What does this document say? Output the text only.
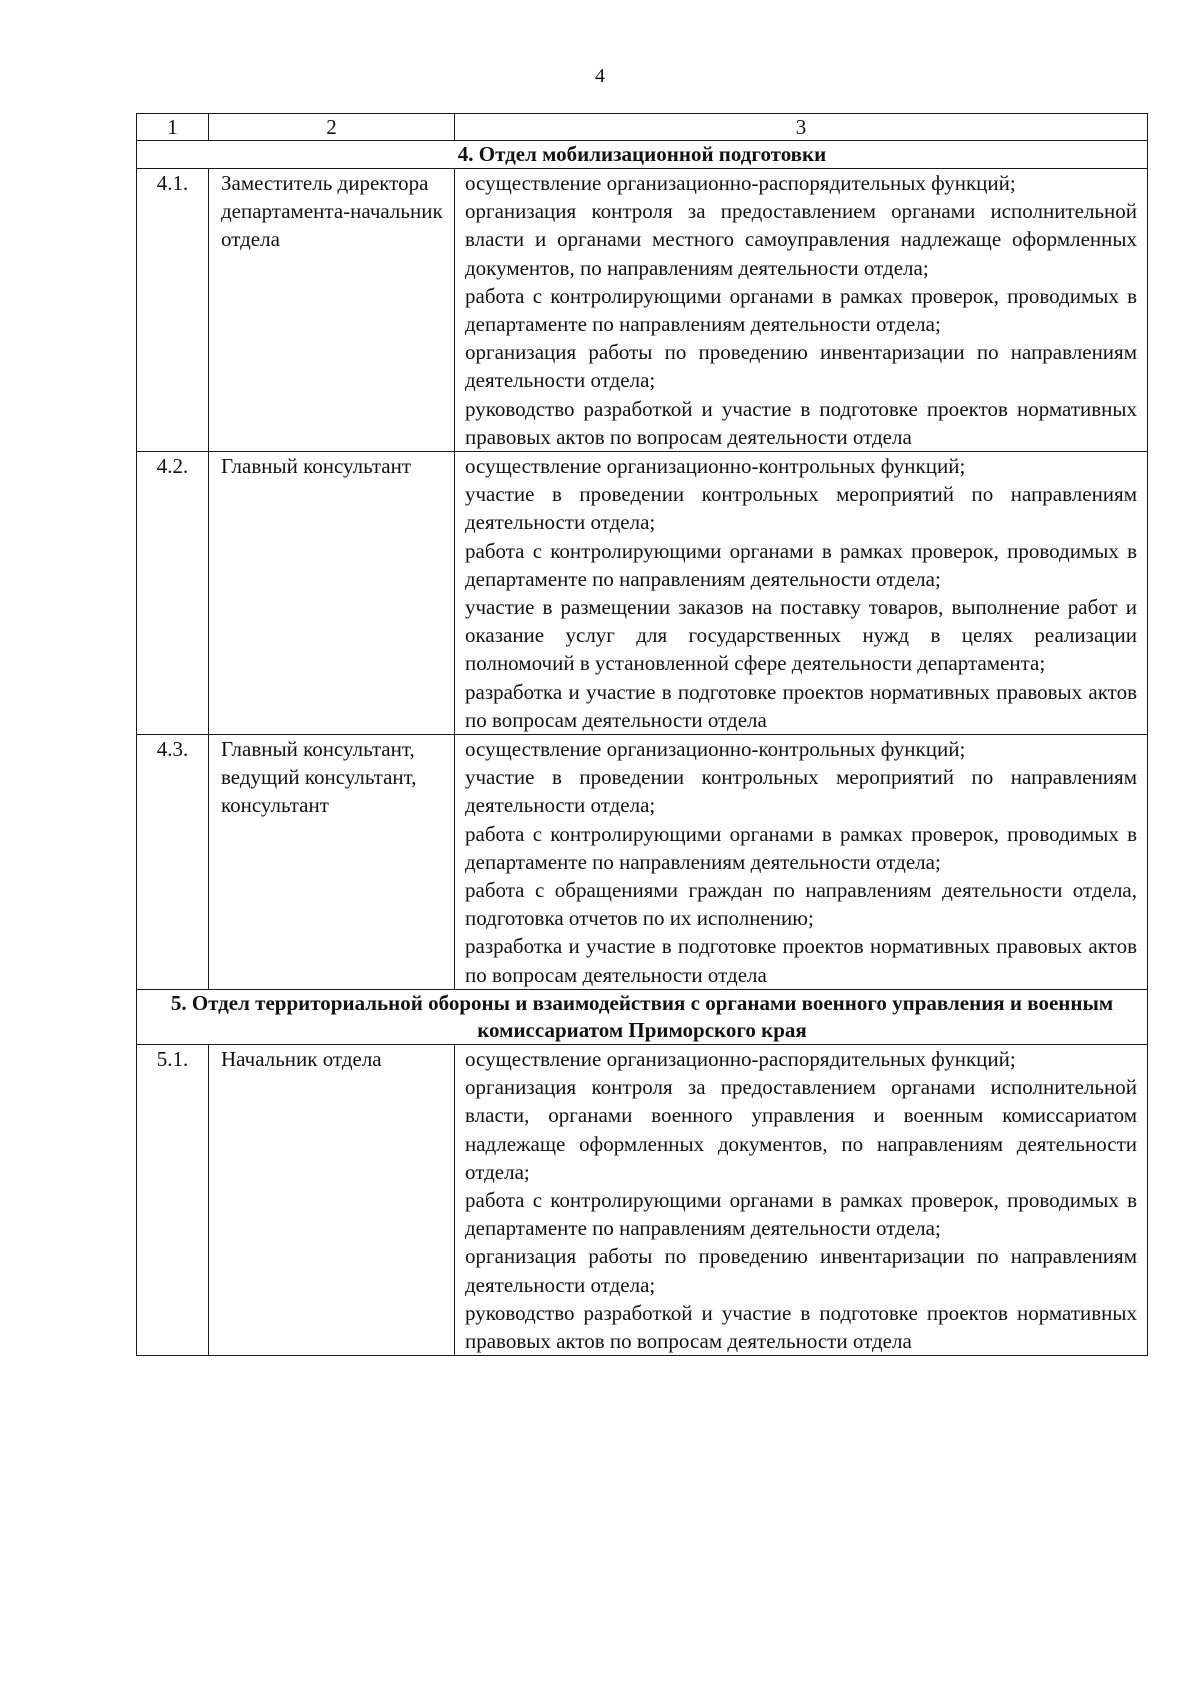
4
1	2	3
4. Отдел мобилизационной подготовки		
4.1.	Заместитель директора департамента-начальник отдела	осуществление организационно-распорядительных функций;
организация контроля за предоставлением органами исполнительной власти и органами местного самоуправления надлежаще оформленных документов, по направлениям деятельности отдела;
работа с контролирующими органами в рамках проверок, проводимых в департаменте по направлениям деятельности отдела;
организация работы по проведению инвентаризации по направлениям деятельности отдела;
руководство разработкой и участие в подготовке проектов нормативных правовых актов по вопросам деятельности отдела

4.2.	Главный консультант	осуществление организационно-контрольных функций;
участие в проведении контрольных мероприятий по направлениям деятельности отдела;
работа с контролирующими органами в рамках проверок, проводимых в департаменте по направлениям деятельности отдела;
участие в размещении заказов на поставку товаров, выполнение работ и оказание услуг для государственных нужд в целях реализации полномочий в установленной сфере деятельности департамента;
разработка и участие в подготовке проектов нормативных правовых актов по вопросам деятельности отдела

4.3.	Главный консультант, ведущий консультант, консультант	осуществление организационно-контрольных функций;
участие в проведении контрольных мероприятий по направлениям деятельности отдела;
работа с контролирующими органами в рамках проверок, проводимых в департаменте по направлениям деятельности отдела;
работа с обращениями граждан по направлениям деятельности отдела, подготовка отчетов по их исполнению;
разработка и участие в подготовке проектов нормативных правовых актов по вопросам деятельности отдела

5. Отдел территориальной обороны и взаимодействия с органами военного управления и военным комиссариатом Приморского края		
5.1.	Начальник отдела	осуществление организационно-распорядительных функций;
организация контроля за предоставлением органами исполнительной власти, органами военного управления и военным комиссариатом надлежаще оформленных документов, по направлениям деятельности отдела;
работа с контролирующими органами в рамках проверок, проводимых в департаменте по направлениям деятельности отдела;
организация работы по проведению инвентаризации по направлениям деятельности отдела;
руководство разработкой и участие в подготовке проектов нормативных правовых актов по вопросам деятельности отдела
